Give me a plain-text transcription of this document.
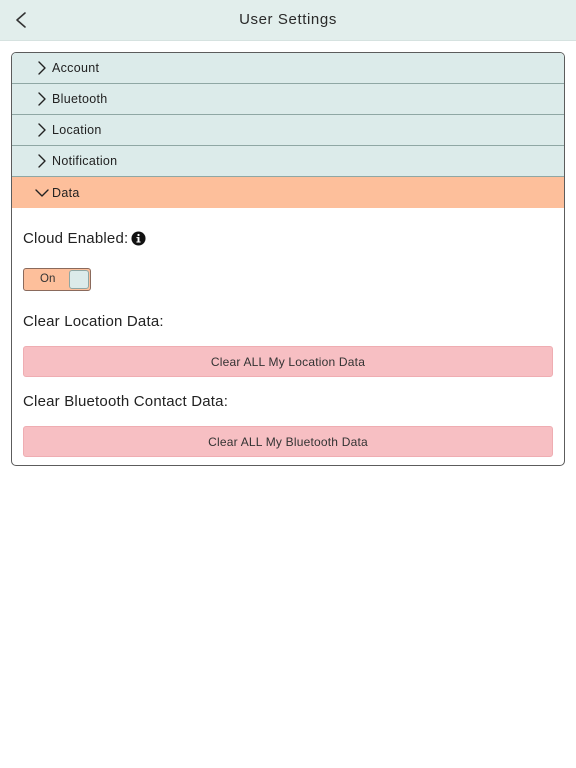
User Settings
Account
Bluetooth
Location
Notification
Data
Cloud Enabled:
On
Clear Location Data:
Clear ALL My Location Data
Clear Bluetooth Contact Data:
Clear ALL My Bluetooth Data
